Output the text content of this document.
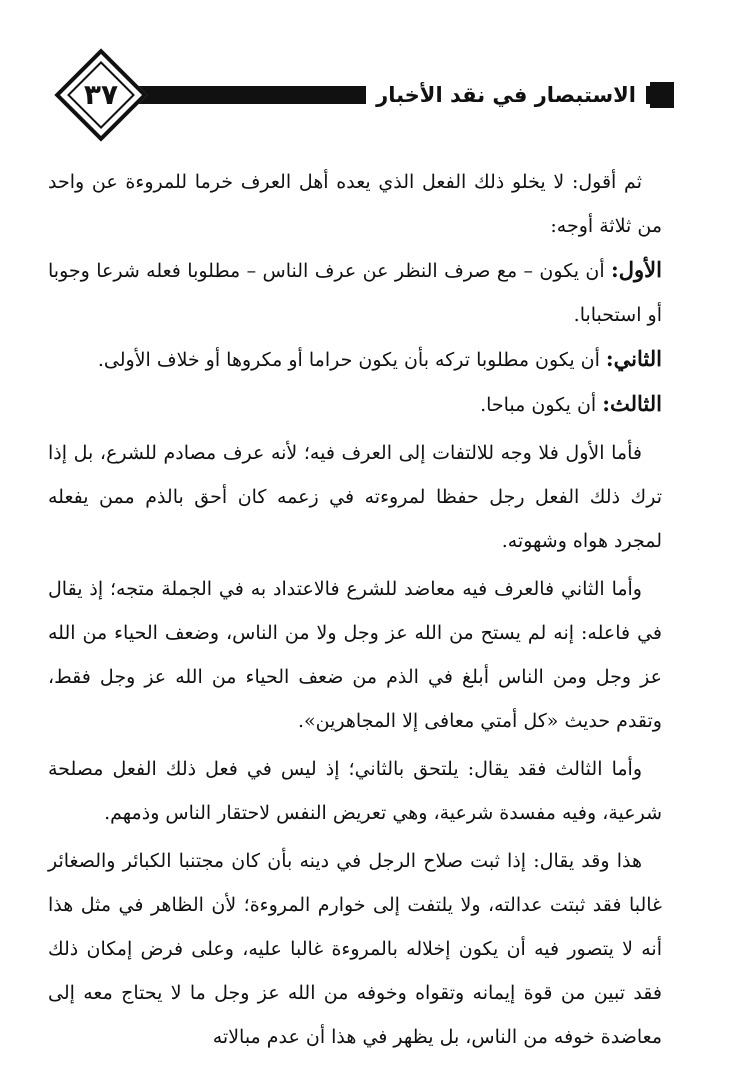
الاستبصار في نقد الأخبار
٣٧

ثم أقول: لا يخلو ذلك الفعل الذي يعده أهل العرف خرما للمروءة عن واحد من ثلاثة أوجه:

الأول: أن يكون – مع صرف النظر عن عرف الناس – مطلوبا فعله شرعا وجوبا أو استحبابا.

الثاني: أن يكون مطلوبا تركه بأن يكون حراما أو مكروها أو خلاف الأولى.

الثالث: أن يكون مباحا.

فأما الأول فلا وجه للالتفات إلى العرف فيه؛ لأنه عرف مصادم للشرع، بل إذا ترك ذلك الفعل رجل حفظا لمروءته في زعمه كان أحق بالذم ممن يفعله لمجرد هواه وشهوته.

وأما الثاني فالعرف فيه معاضد للشرع فالاعتداد به في الجملة متجه؛ إذ يقال في فاعله: إنه لم يستح من الله عز وجل ولا من الناس، وضعف الحياء من الله عز وجل ومن الناس أبلغ في الذم من ضعف الحياء من الله عز وجل فقط، وتقدم حديث «كل أمتي معافى إلا المجاهرين».

وأما الثالث فقد يقال: يلتحق بالثاني؛ إذ ليس في فعل ذلك الفعل مصلحة شرعية، وفيه مفسدة شرعية، وهي تعريض النفس لاحتقار الناس وذمهم.

هذا وقد يقال: إذا ثبت صلاح الرجل في دينه بأن كان مجتنبا الكبائر والصغائر غالبا فقد ثبتت عدالته، ولا يلتفت إلى خوارم المروءة؛ لأن الظاهر في مثل هذا أنه لا يتصور فيه أن يكون إخلاله بالمروءة غالبا عليه، وعلى فرض إمكان ذلك فقد تبين من قوة إيمانه وتقواه وخوفه من الله عز وجل ما لا يحتاج معه إلى معاضدة خوفه من الناس، بل يظهر في هذا أن عدم مبالاته
